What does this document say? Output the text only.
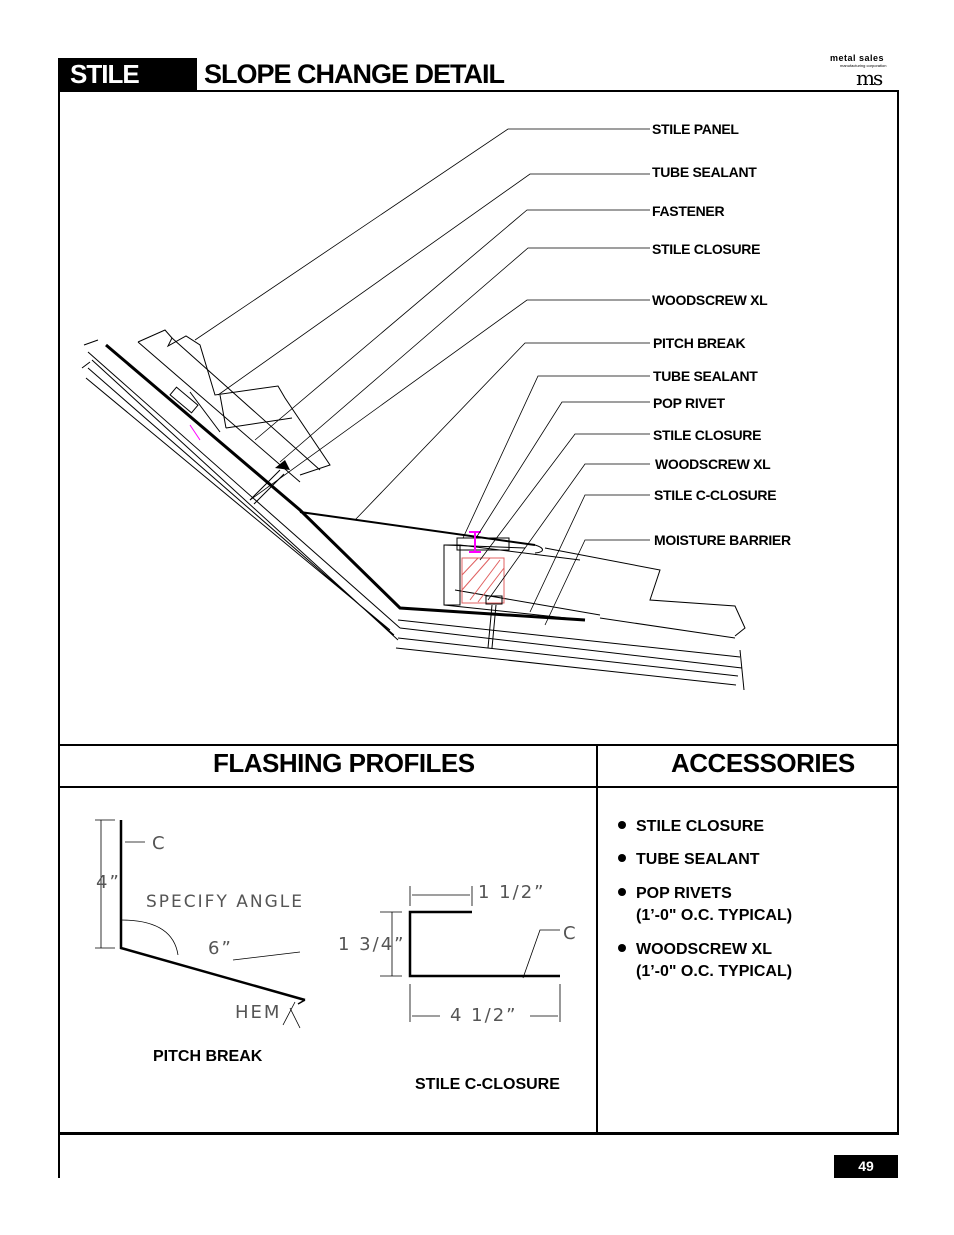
STILE	SLOPE CHANGE DETAIL
metal sales
manufacturing corporation
ms
STILE PANEL
TUBE SEALANT
FASTENER
STILE CLOSURE
WOODSCREW XL
PITCH BREAK
TUBE SEALANT
POP RIVET
STILE CLOSURE
WOODSCREW XL
STILE C-CLOSURE
MOISTURE BARRIER
FLASHING PROFILES	ACCESSORIES
C
4”
SPECIFY ANGLE
6”
HEM
PITCH BREAK
1 1/2”
1 3/4”
C
4 1/2”
STILE C-CLOSURE
STILE CLOSURE
TUBE SEALANT
POP RIVETS
(1’-0" O.C. TYPICAL)
WOODSCREW XL
(1’-0" O.C. TYPICAL)
49
